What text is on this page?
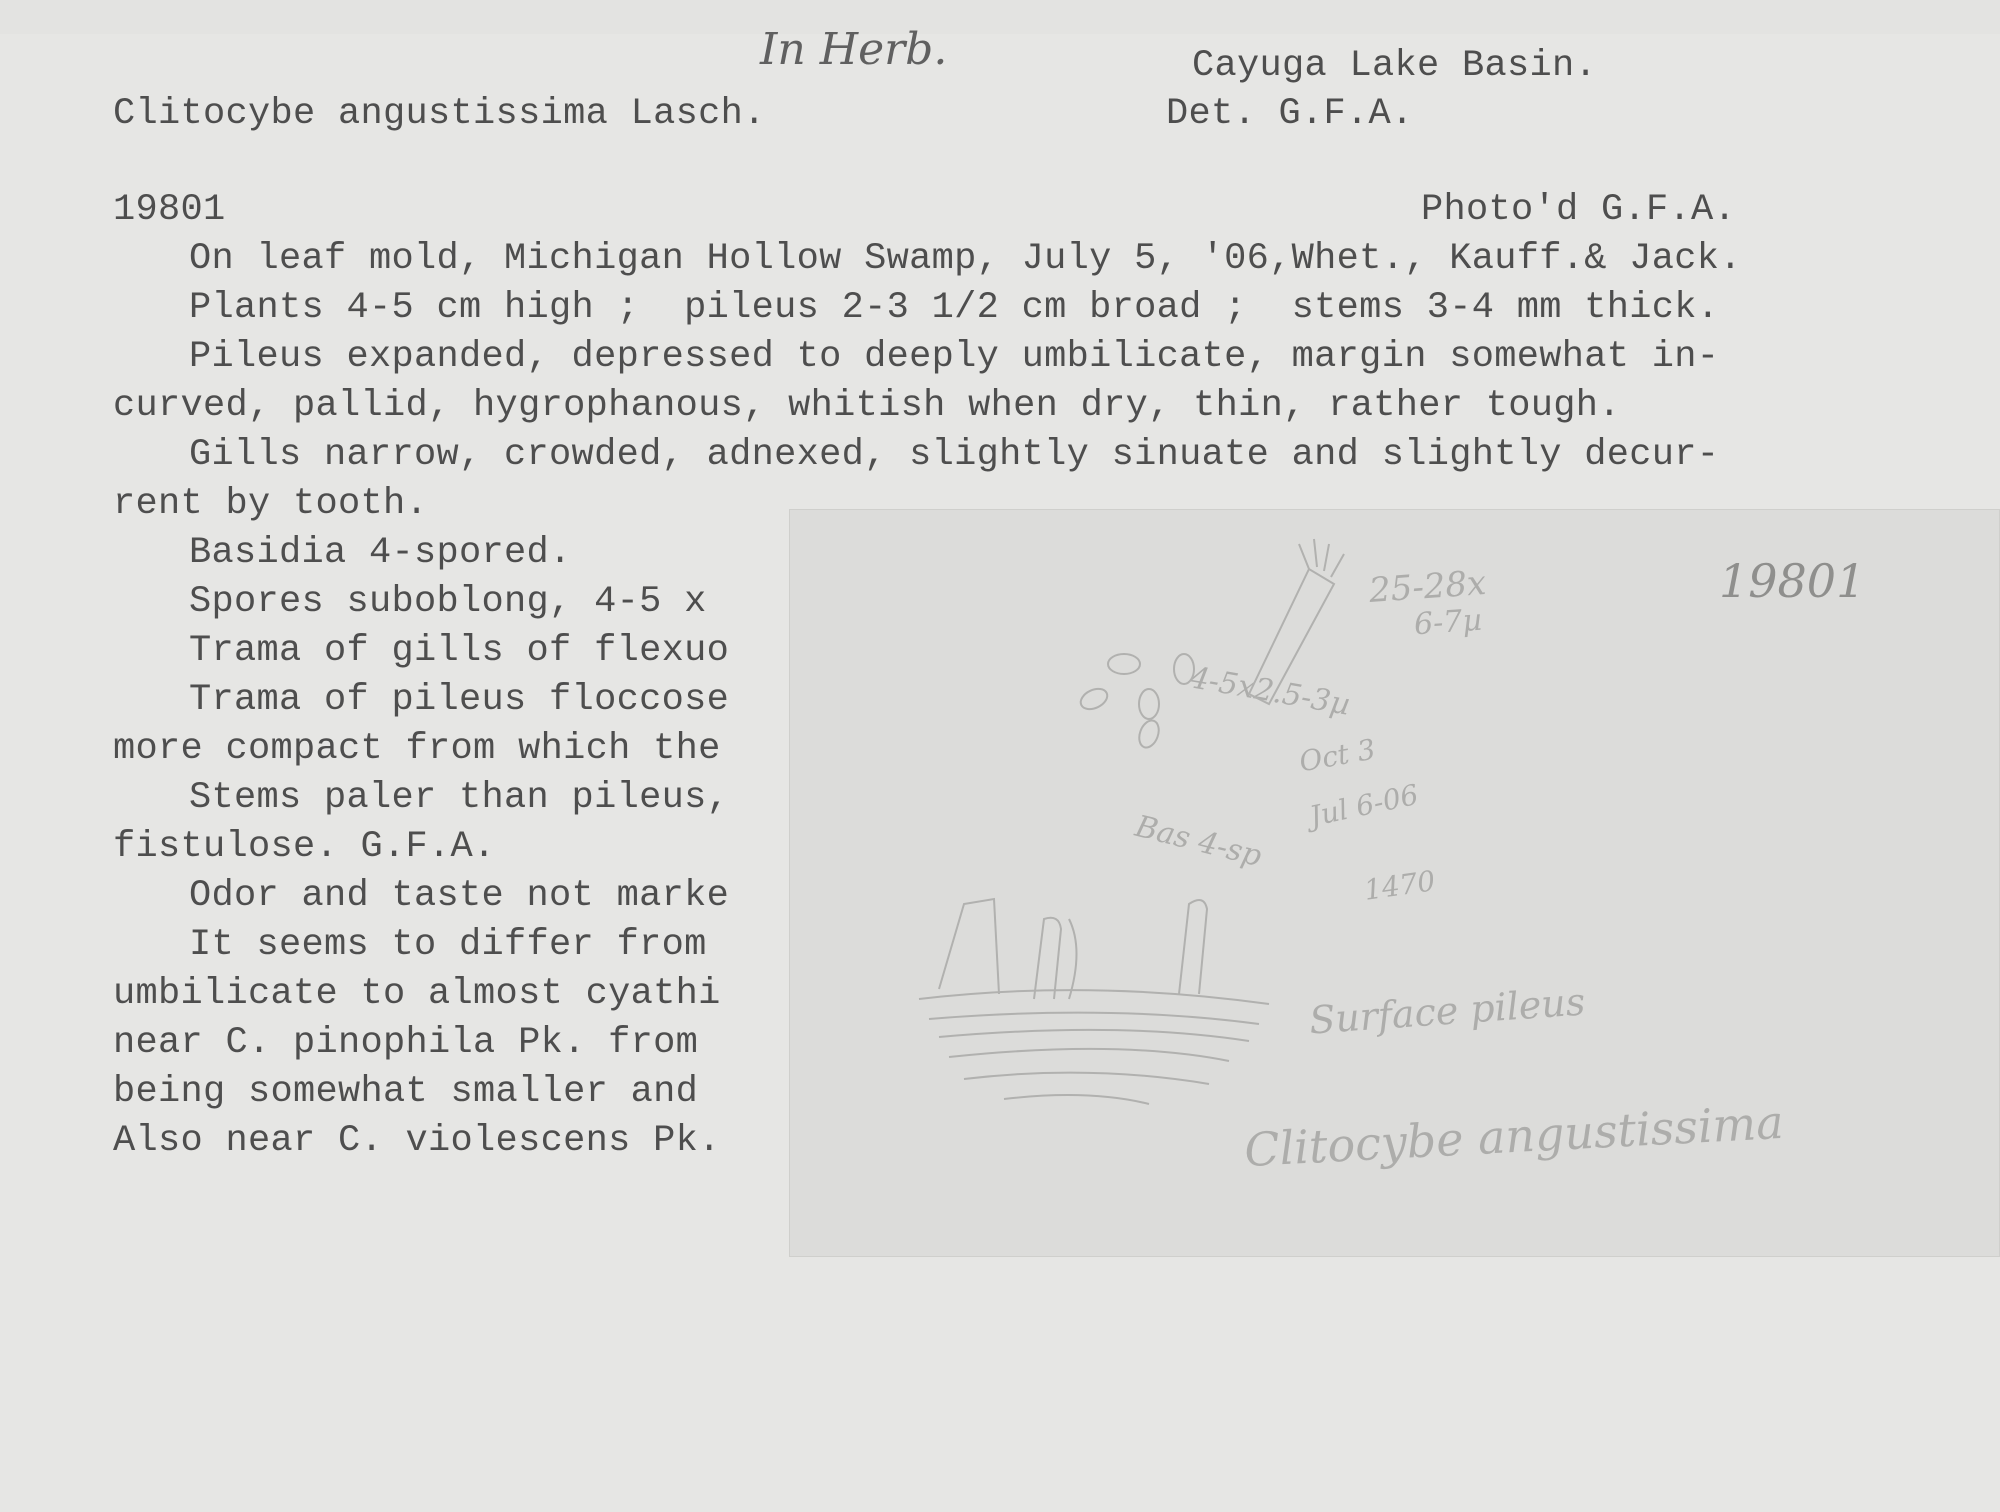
In Herb.
Clitocybe angustissima Lasch.
Cayuga Lake Basin.
Det. G.F.A.
19801	Photo'd G.F.A.
On leaf mold, Michigan Hollow Swamp, July 5, '06,Whet., Kauff.& Jack.
Plants 4-5 cm high ;  pileus 2-3 1/2 cm broad ;  stems 3-4 mm thick.
Pileus expanded, depressed to deeply umbilicate, margin somewhat in-
curved, pallid, hygrophanous, whitish when dry, thin, rather tough.
Gills narrow, crowded, adnexed, slightly sinuate and slightly decur-
rent by tooth.
Basidia 4-spored.
Spores suboblong, 4-5 x
Trama of gills of flexuo
Trama of pileus floccose
more compact from which the
Stems paler than pileus,
fistulose. G.F.A.
Odor and taste not marke
It seems to differ from
umbilicate to almost cyathi
near C. pinophila Pk. from
being somewhat smaller and
Also near C. violescens Pk.
19801
25-28x
6-7µ
4-5x2.5-3µ
Oct 3
Jul 6-06
1470
Bas 4-sp
Surface pileus
Clitocybe angustissima
